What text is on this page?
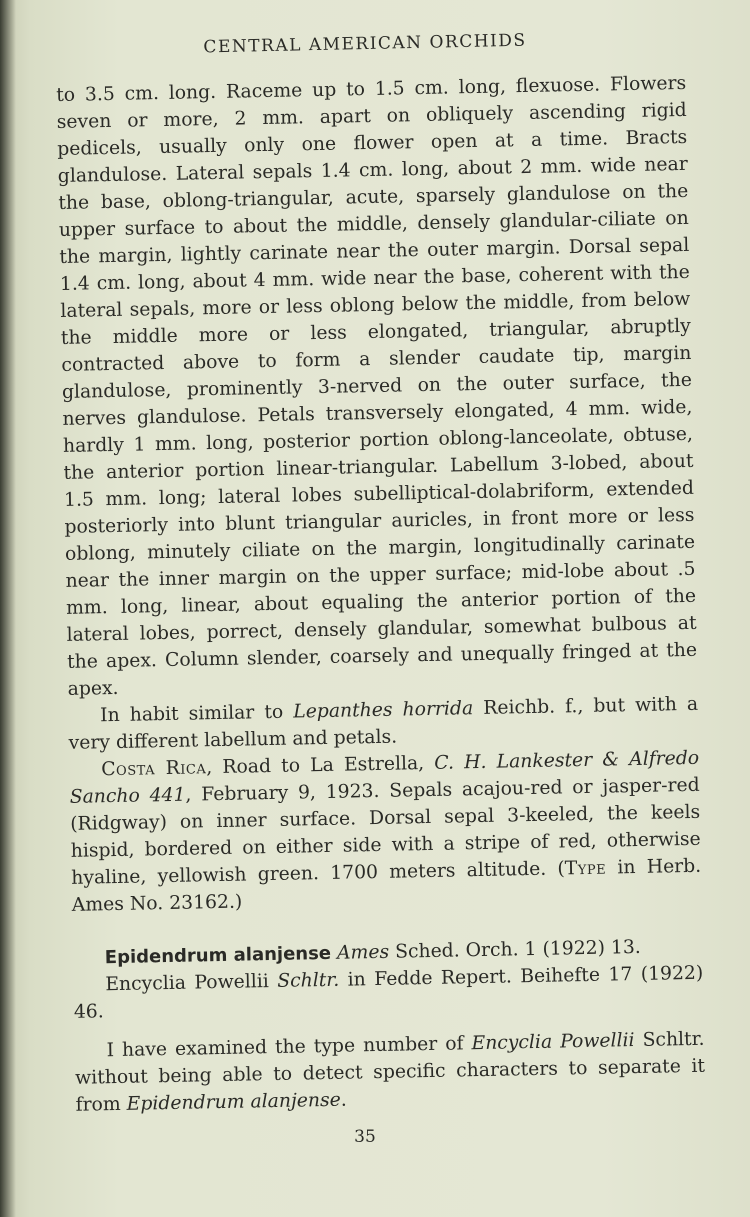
CENTRAL AMERICAN ORCHIDS

to 3.5 cm. long. Raceme up to 1.5 cm. long, flexuose. Flowers seven or more, 2 mm. apart on obliquely ascending rigid pedicels, usually only one flower open at a time. Bracts glandulose. Lateral sepals 1.4 cm. long, about 2 mm. wide near the base, oblong-triangular, acute, sparsely glandulose on the upper surface to about the middle, densely glandular-ciliate on the margin, lightly carinate near the outer margin. Dorsal sepal 1.4 cm. long, about 4 mm. wide near the base, coherent with the lateral sepals, more or less oblong below the middle, from below the middle more or less elongated, triangular, abruptly contracted above to form a slender caudate tip, margin glandulose, prominently 3-nerved on the outer surface, the nerves glandulose. Petals transversely elongated, 4 mm. wide, hardly 1 mm. long, posterior portion oblong-lanceolate, obtuse, the anterior portion linear-triangular. Labellum 3-lobed, about 1.5 mm. long; lateral lobes subelliptical-dolabriform, extended posteriorly into blunt triangular auricles, in front more or less oblong, minutely ciliate on the margin, longitudinally carinate near the inner margin on the upper surface; mid-lobe about .5 mm. long, linear, about equaling the anterior portion of the lateral lobes, porrect, densely glandular, somewhat bulbous at the apex. Column slender, coarsely and unequally fringed at the apex.

In habit similar to Lepanthes horrida Reichb. f., but with a very different labellum and petals.

Costa Rica, Road to La Estrella, C. H. Lankester & Alfredo Sancho 441, February 9, 1923. Sepals acajou-red or jasper-red (Ridgway) on inner surface. Dorsal sepal 3-keeled, the keels hispid, bordered on either side with a stripe of red, otherwise hyaline, yellowish green. 1700 meters altitude. (Type in Herb. Ames No. 23162.)

Epidendrum alanjense Ames Sched. Orch. 1 (1922) 13.

Encyclia Powellii Schltr. in Fedde Repert. Beihefte 17 (1922) 46.

I have examined the type number of Encyclia Powellii Schltr. without being able to detect specific characters to separate it from Epidendrum alanjense.

35
